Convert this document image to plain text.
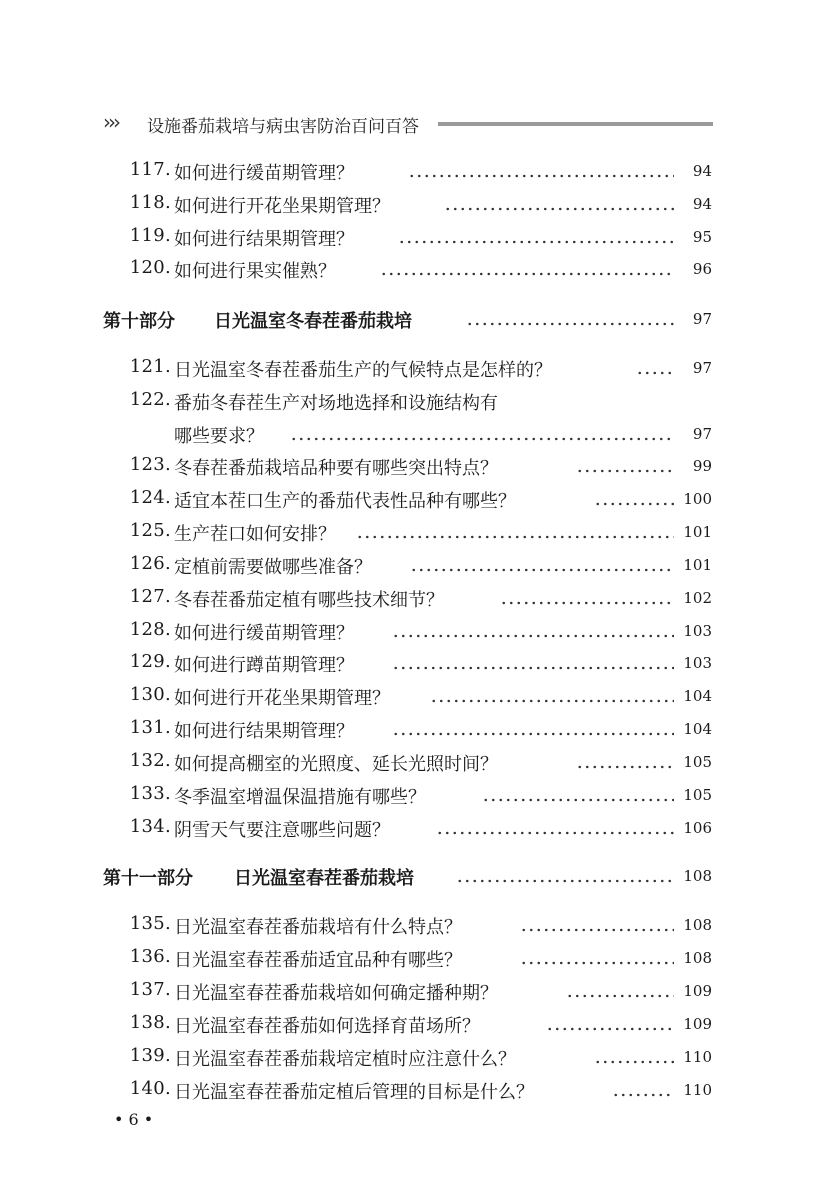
››› 设施番茄栽培与病虫害防治百问百答
117. 如何进行缓苗期管理？	94
118. 如何进行开花坐果期管理？	94
119. 如何进行结果期管理？	95
120. 如何进行果实催熟？	96
第十部分 日光温室冬春茬番茄栽培	97
121. 日光温室冬春茬番茄生产的气候特点是怎样的？	97
122. 番茄冬春茬生产对场地选择和设施结构有
哪些要求？	97
123. 冬春茬番茄栽培品种要有哪些突出特点？	99
124. 适宜本茬口生产的番茄代表性品种有哪些？	100
125. 生产茬口如何安排？	101
126. 定植前需要做哪些准备？	101
127. 冬春茬番茄定植有哪些技术细节？	102
128. 如何进行缓苗期管理？	103
129. 如何进行蹲苗期管理？	103
130. 如何进行开花坐果期管理？	104
131. 如何进行结果期管理？	104
132. 如何提高棚室的光照度、延长光照时间？	105
133. 冬季温室增温保温措施有哪些？	105
134. 阴雪天气要注意哪些问题？	106
第十一部分 日光温室春茬番茄栽培	108
135. 日光温室春茬番茄栽培有什么特点？	108
136. 日光温室春茬番茄适宜品种有哪些？	108
137. 日光温室春茬番茄栽培如何确定播种期？	109
138. 日光温室春茬番茄如何选择育苗场所？	109
139. 日光温室春茬番茄栽培定植时应注意什么？	110
140. 日光温室春茬番茄定植后管理的目标是什么？	110
• 6 •
